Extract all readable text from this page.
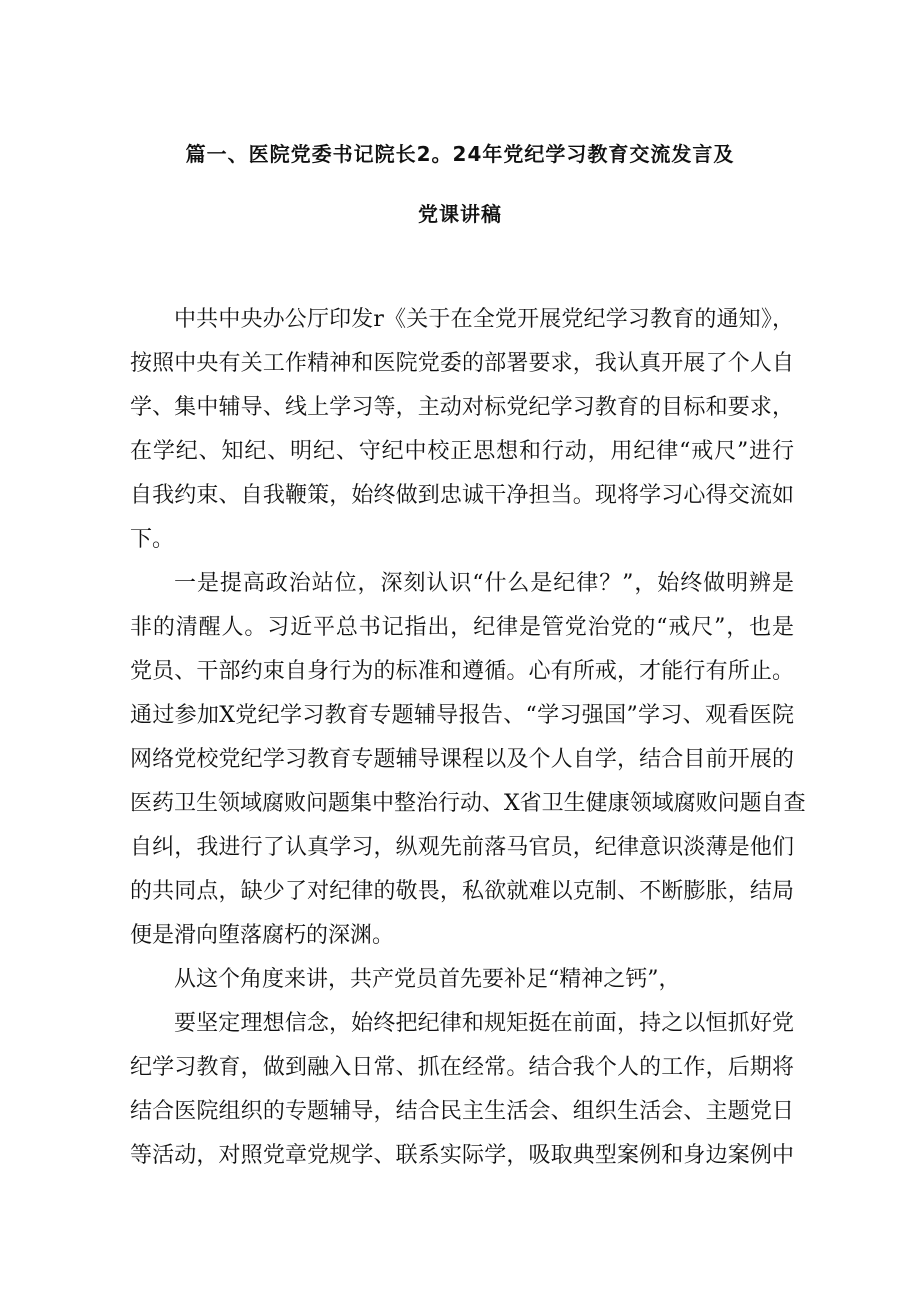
篇一、医院党委书记院长2。24年党纪学习教育交流发言及
党课讲稿

中共中央办公厅印发r《关于在全党开展党纪学习教育的通知》，
按照中央有关工作精神和医院党委的部署要求，我认真开展了个人自
学、集中辅导、线上学习等，主动对标党纪学习教育的目标和要求，
在学纪、知纪、明纪、守纪中校正思想和行动，用纪律“戒尺”进行
自我约束、自我鞭策，始终做到忠诚干净担当。现将学习心得交流如
下。

一是提高政治站位，深刻认识“什么是纪律？”，始终做明辨是
非的清醒人。习近平总书记指出，纪律是管党治党的“戒尺”，也是
党员、干部约束自身行为的标准和遵循。心有所戒，才能行有所止。
通过参加X党纪学习教育专题辅导报告、“学习强国”学习、观看医院
网络党校党纪学习教育专题辅导课程以及个人自学，结合目前开展的
医药卫生领域腐败问题集中整治行动、X省卫生健康领域腐败问题自查
自纠，我进行了认真学习，纵观先前落马官员，纪律意识淡薄是他们
的共同点，缺少了对纪律的敬畏，私欲就难以克制、不断膨胀，结局
便是滑向堕落腐朽的深渊。

从这个角度来讲，共产党员首先要补足“精神之钙”，

要坚定理想信念，始终把纪律和规矩挺在前面，持之以恒抓好党
纪学习教育，做到融入日常、抓在经常。结合我个人的工作，后期将
结合医院组织的专题辅导，结合民主生活会、组织生活会、主题党日
等活动，对照党章党规学、联系实际学，吸取典型案例和身边案例中
